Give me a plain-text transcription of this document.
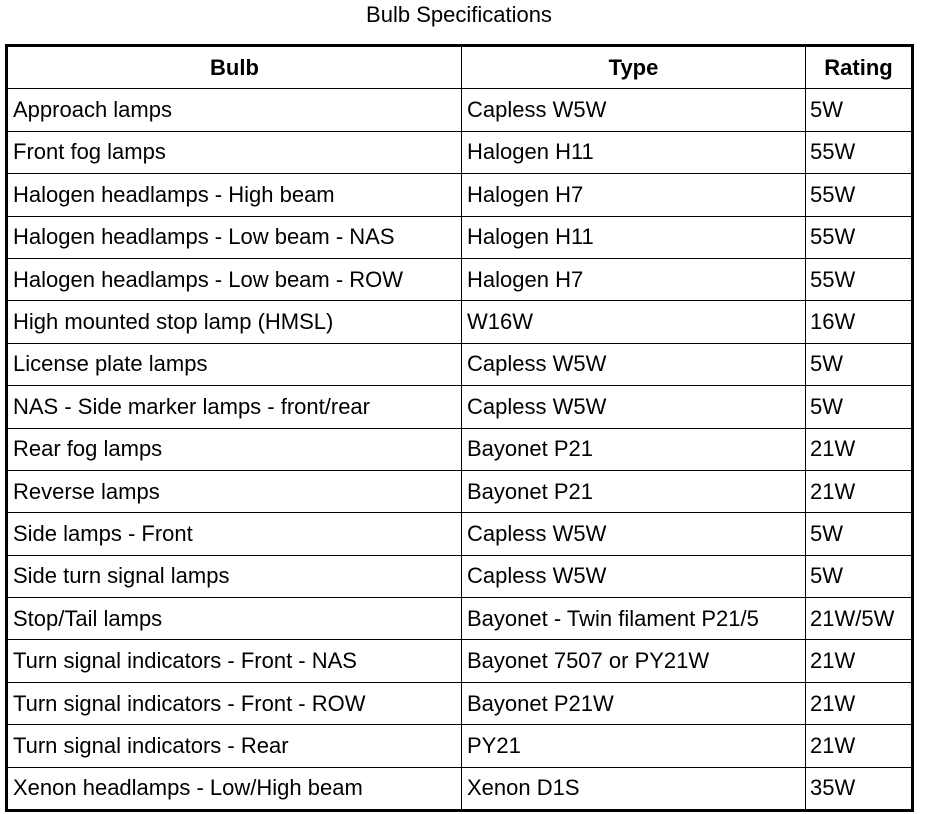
Bulb Specifications
Bulb	Type	Rating
Approach lamps	Capless W5W	5W
Front fog lamps	Halogen H11	55W
Halogen headlamps - High beam	Halogen H7	55W
Halogen headlamps - Low beam - NAS	Halogen H11	55W
Halogen headlamps - Low beam - ROW	Halogen H7	55W
High mounted stop lamp (HMSL)	W16W	16W
License plate lamps	Capless W5W	5W
NAS - Side marker lamps - front/rear	Capless W5W	5W
Rear fog lamps	Bayonet P21	21W
Reverse lamps	Bayonet P21	21W
Side lamps - Front	Capless W5W	5W
Side turn signal lamps	Capless W5W	5W
Stop/Tail lamps	Bayonet - Twin filament P21/5	21W/5W
Turn signal indicators - Front - NAS	Bayonet 7507 or PY21W	21W
Turn signal indicators - Front - ROW	Bayonet P21W	21W
Turn signal indicators - Rear	PY21	21W
Xenon headlamps - Low/High beam	Xenon D1S	35W
